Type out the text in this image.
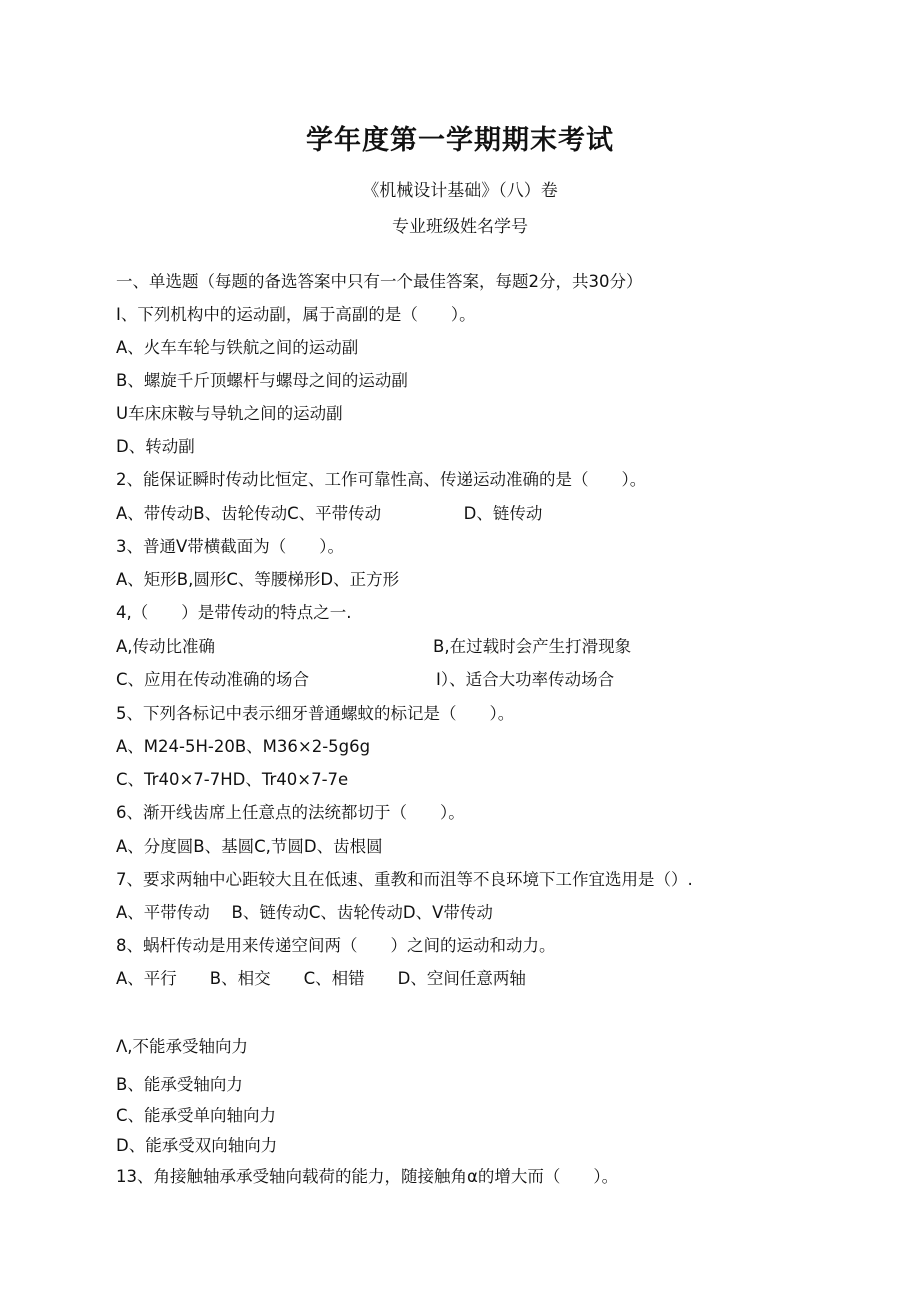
学年度第一学期期末考试
《机械设计基础》（八）卷
专业班级姓名学号
一、单选题（每题的备选答案中只有一个最佳答案，每题2分，共30分）
I、下列机构中的运动副，属于高副的是（　　）。
A、火车车轮与铁航之间的运动副
B、螺旋千斤顶螺杆与螺母之间的运动副
U车床床鞍与导轨之间的运动副
D、转动副
2、能保证瞬时传动比恒定、工作可靠性高、传递运动准确的是（　　）。
A、带传动B、齿轮传动C、平带传动　　　　　D、链传动
3、普通V带横截面为（　　）。
A、矩形B,圆形C、等腰梯形D、正方形
4,（　　）是带传动的特点之一.
A,传动比准确	B,在过载时会产生打滑现象
C、应用在传动准确的场合	I）、适合大功率传动场合
5、下列各标记中表示细牙普通螺蚊的标记是（　　）。
A、M24-5H-20B、M36×2-5g6g
C、Tr40×7-7HD、Tr40×7-7e
6、渐开线齿席上任意点的法统都切于（　　）。
A、分度圆B、基圆C,节圆D、齿根圆
7、要求两轴中心距较大且在低速、重教和而沮等不良环境下工作宜选用是（）.
A、平带传动　 B、链传动C、齿轮传动D、V带传动
8、蜗杆传动是用来传递空间两（　　）之间的运动和动力。
A、平行　　B、相交　　C、相错　　D、空间任意两轴
Λ,不能承受轴向力
B、能承受轴向力
C、能承受单向轴向力
D、能承受双向轴向力
13、角接触轴承承受轴向载荷的能力，随接触角α的增大而（　　）。
